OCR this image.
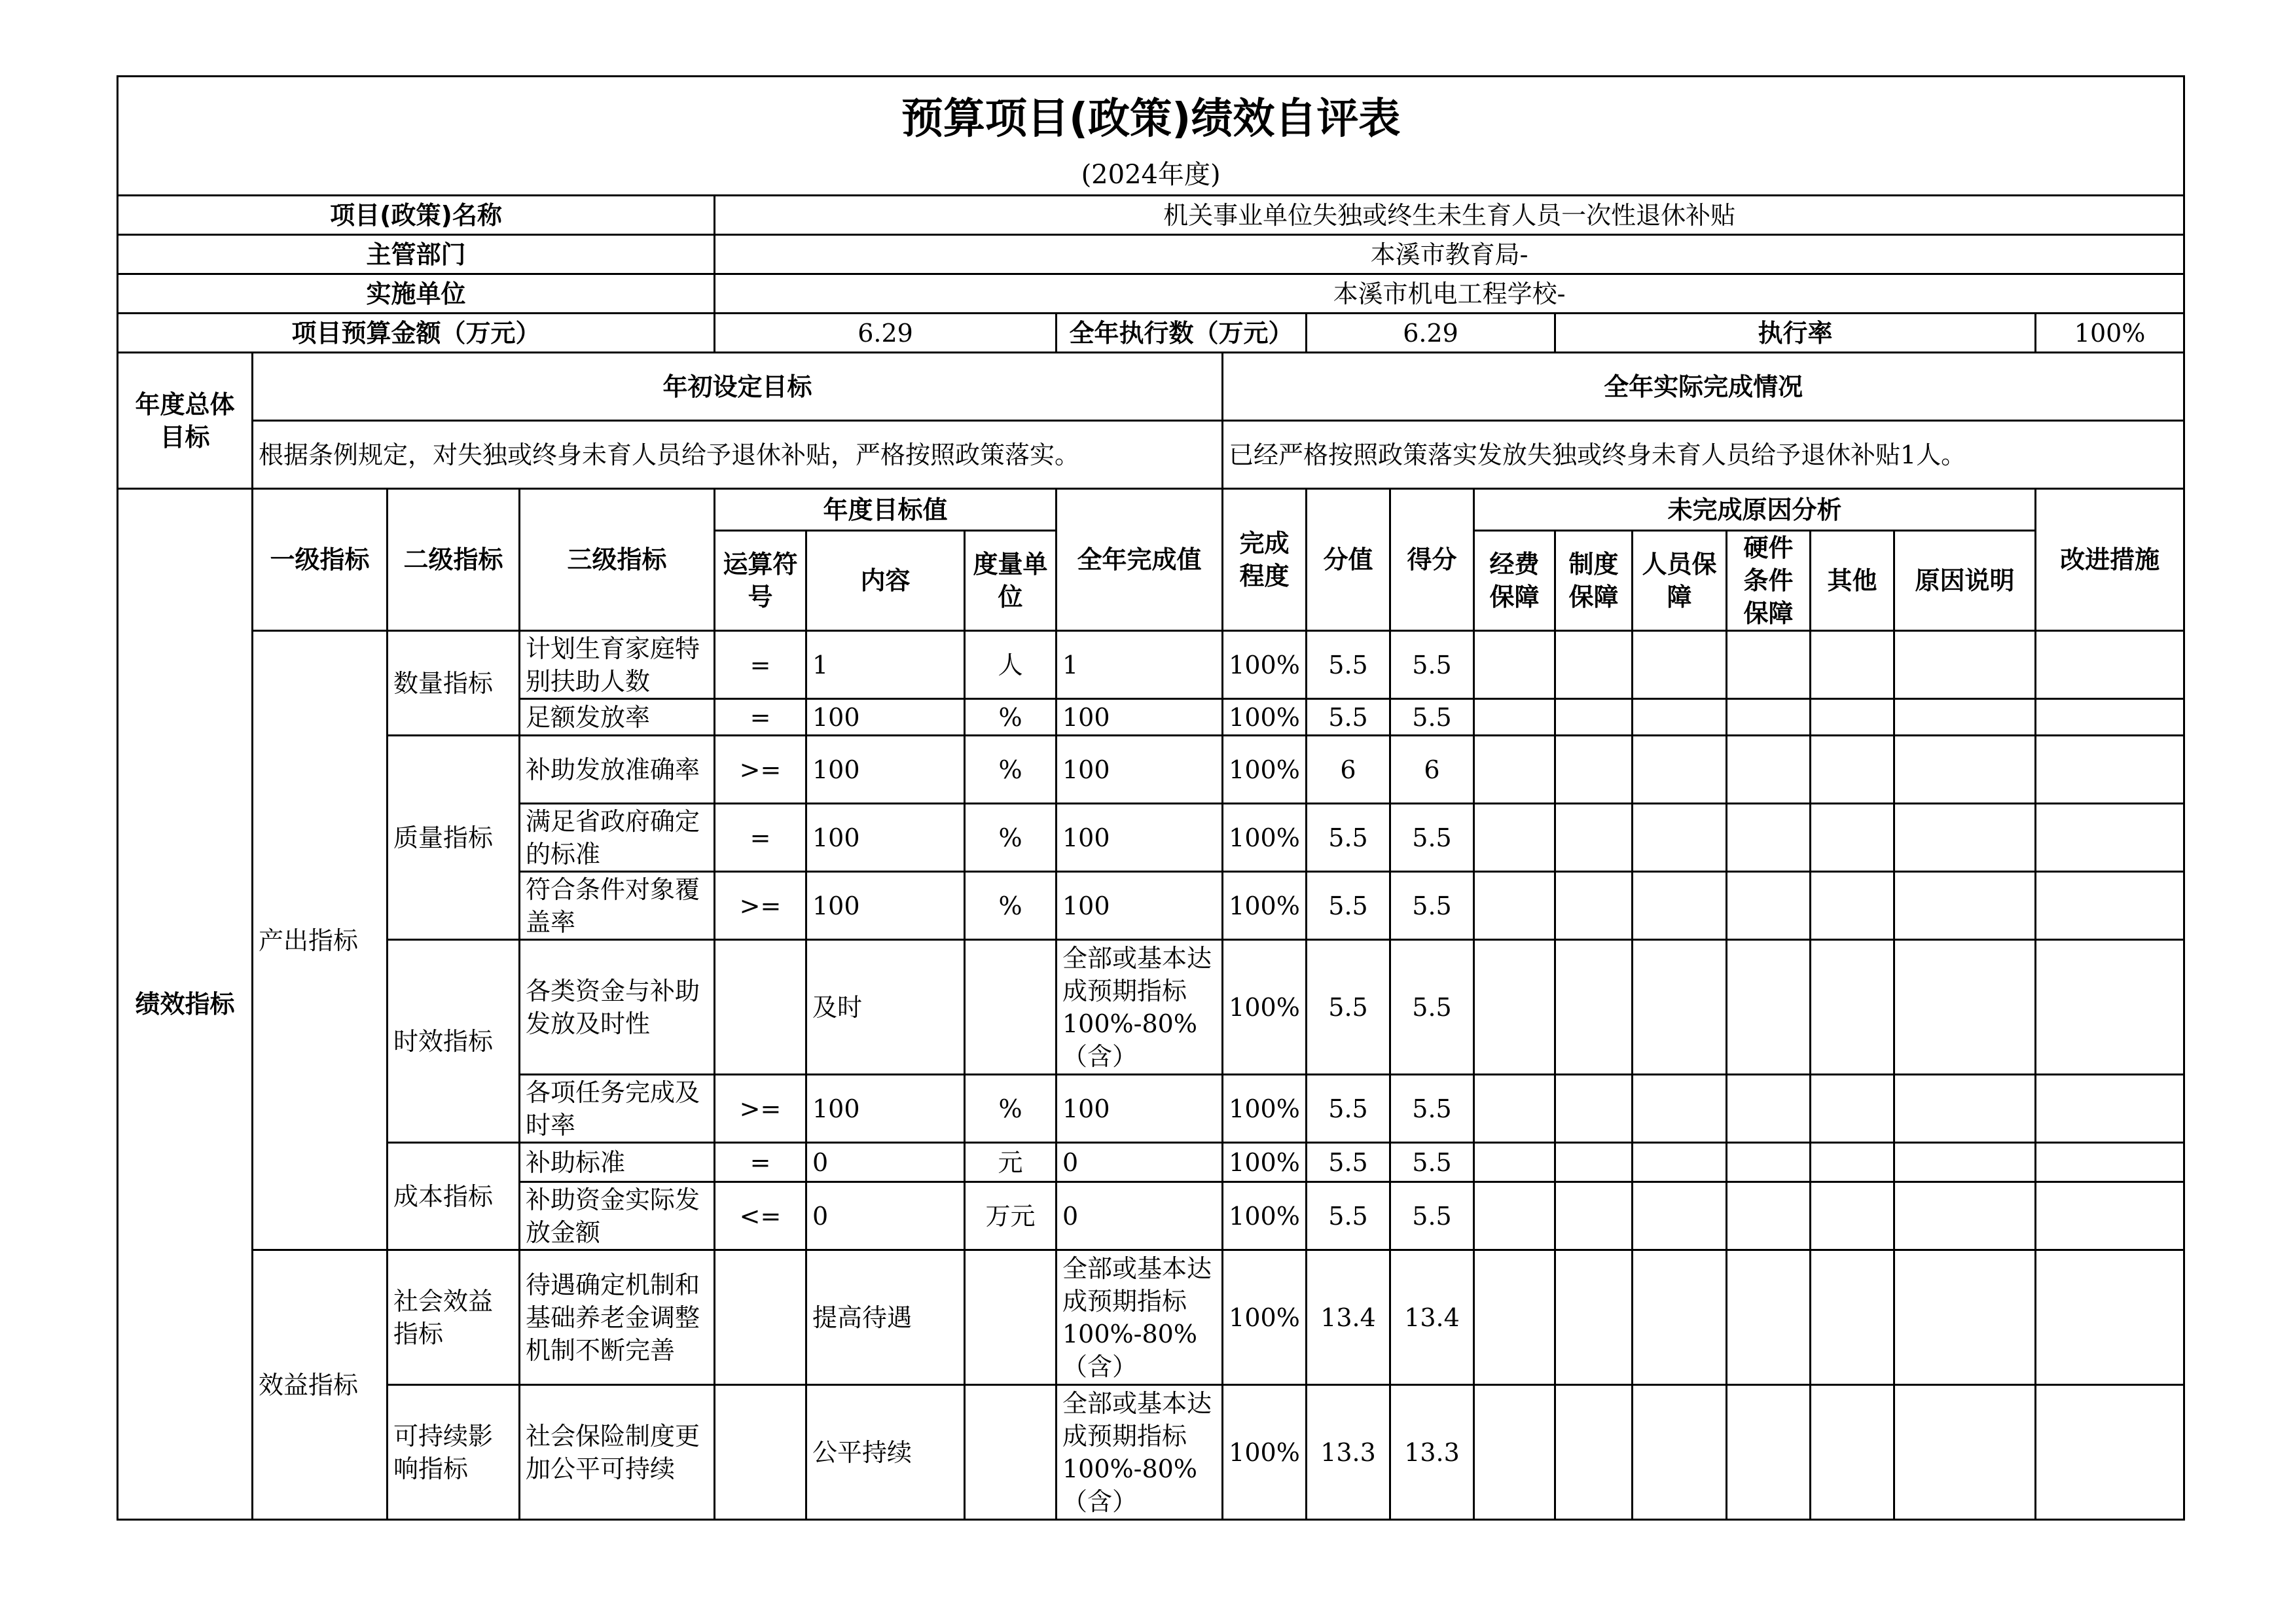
预算项目(政策)绩效自评表																	
(2024年度)																	
项目(政策)名称				机关事业单位失独或终生未生育人员一次性退休补贴													
主管部门				本溪市教育局-													
实施单位				本溪市机电工程学校-													
项目预算金额（万元）				6.29			全年执行数（万元）		6.29			执行率					100%
年度总体目标	年初设定目标							全年实际完成情况									
	根据条例规定，对失独或终身未育人员给予退休补贴，严格按照政策落实。							已经严格按照政策落实发放失独或终身未育人员给予退休补贴1人。									
绩效指标	一级指标	二级指标	三级指标	年度目标值			全年完成值	完成程度	分值	得分	未完成原因分析						改进措施
				运算符号	内容	度量单位					经费保障	制度保障	人员保障	硬件条件保障	其他	原因说明	
	产出指标	数量指标	计划生育家庭特别扶助人数	=	1	人	1	100%	5.5	5.5							
			足额发放率	=	100	%	100	100%	5.5	5.5							
		质量指标	补助发放准确率	>=	100	%	100	100%	6	6							
			满足省政府确定的标准	=	100	%	100	100%	5.5	5.5							
			符合条件对象覆盖率	>=	100	%	100	100%	5.5	5.5							
		时效指标	各类资金与补助发放及时性		及时		全部或基本达成预期指标100%-80%（含）	100%	5.5	5.5							
			各项任务完成及时率	>=	100	%	100	100%	5.5	5.5							
		成本指标	补助标准	=	0	元	0	100%	5.5	5.5							
			补助资金实际发放金额	<=	0	万元	0	100%	5.5	5.5							
	效益指标	社会效益指标	待遇确定机制和基础养老金调整机制不断完善		提高待遇		全部或基本达成预期指标100%-80%（含）	100%	13.4	13.4							
		可持续影响指标	社会保险制度更加公平可持续		公平持续		全部或基本达成预期指标100%-80%（含）	100%	13.3	13.3							
